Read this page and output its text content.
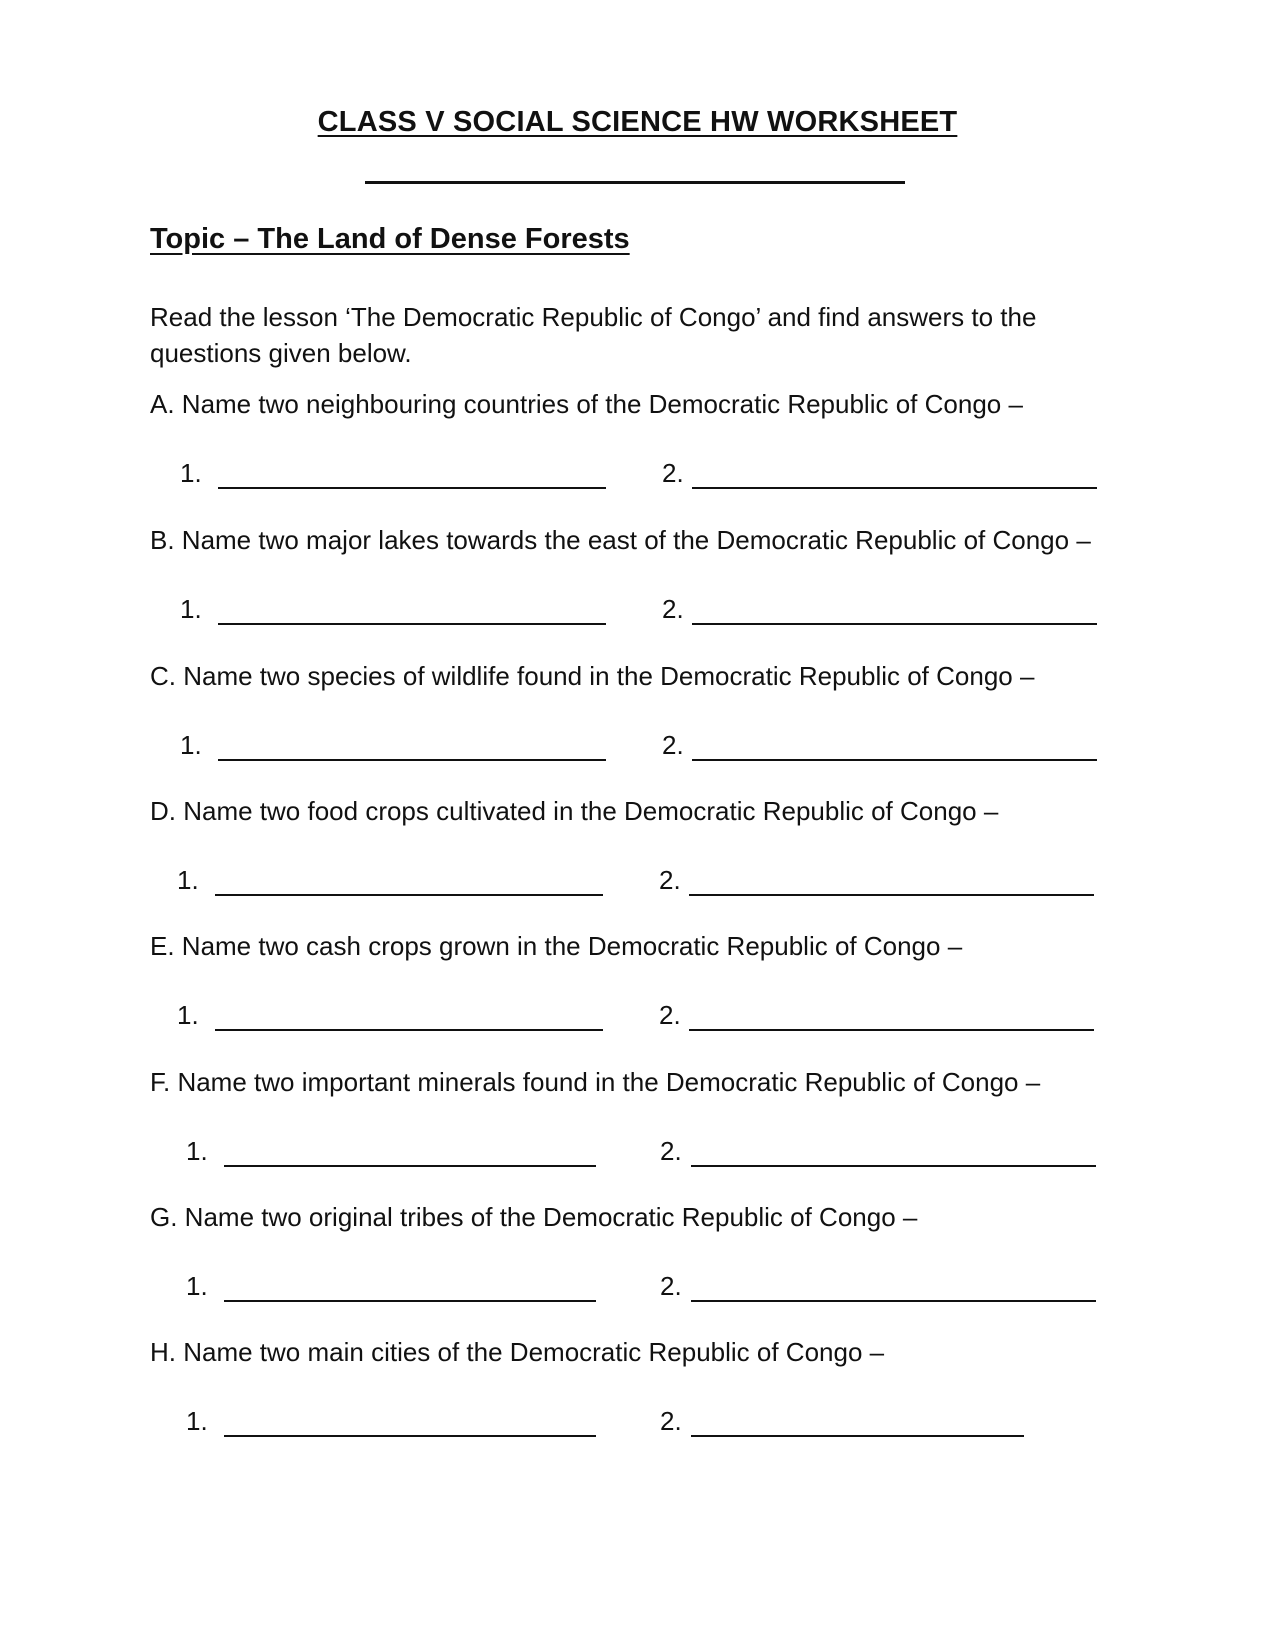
CLASS V SOCIAL SCIENCE HW WORKSHEET
Topic – The Land of Dense Forests
Read the lesson ‘The Democratic Republic of Congo’ and find answers to the questions given below.
A. Name two neighbouring countries of the Democratic Republic of Congo –
1.	2.
B. Name two major lakes towards the east of the Democratic Republic of Congo –
1.	2.
C. Name two species of wildlife found in the Democratic Republic of Congo –
1.	2.
D. Name two food crops cultivated in the Democratic Republic of Congo –
1.	2.
E. Name two cash crops grown in the Democratic Republic of Congo –
1.	2.
F. Name two important minerals found in the Democratic Republic of Congo –
1.	2.
G. Name two original tribes of the Democratic Republic of Congo –
1.	2.
H. Name two main cities of the Democratic Republic of Congo –
1.	2.
